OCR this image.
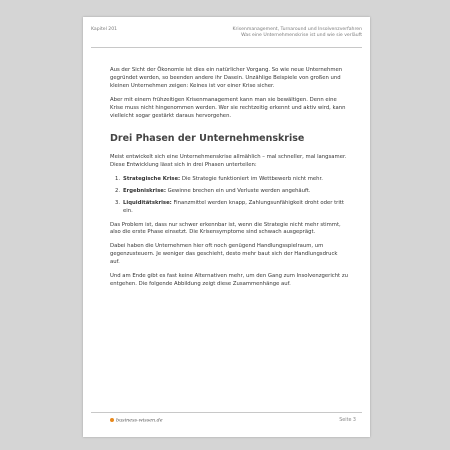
Kapitel 201	Krisenmanagement, Turnaround und Insolvenzverfahren
Was eine Unternehmenskrise ist und wie sie verläuft

Aus der Sicht der Ökonomie ist dies ein natürlicher Vorgang. So wie neue Unternehmen gegründet werden, so beenden andere ihr Dasein. Unzählige Beispiele von großen und kleinen Unternehmen zeigen: Keines ist vor einer Krise sicher.

Aber mit einem frühzeitigen Krisenmanagement kann man sie bewältigen. Denn eine Krise muss nicht hingenommen werden. Wer sie rechtzeitig erkennt und aktiv wird, kann vielleicht sogar gestärkt daraus hervorgehen.

Drei Phasen der Unternehmenskrise

Meist entwickelt sich eine Unternehmenskrise allmählich – mal schneller, mal langsamer. Diese Entwicklung lässt sich in drei Phasen unterteilen:

1. Strategische Krise: Die Strategie funktioniert im Wettbewerb nicht mehr.
2. Ergebniskrise: Gewinne brechen ein und Verluste werden angehäuft.
3. Liquiditätskrise: Finanzmittel werden knapp, Zahlungsunfähigkeit droht oder tritt ein.

Das Problem ist, dass nur schwer erkennbar ist, wenn die Strategie nicht mehr stimmt, also die erste Phase einsetzt. Die Krisensymptome sind schwach ausgeprägt.

Dabei haben die Unternehmen hier oft noch genügend Handlungsspielraum, um gegenzusteuern. Je weniger das geschieht, desto mehr baut sich der Handlungsdruck auf.

Und am Ende gibt es fast keine Alternativen mehr, um den Gang zum Insolvenzgericht zu entgehen. Die folgende Abbildung zeigt diese Zusammenhänge auf.

business-wissen.de	Seite 3
